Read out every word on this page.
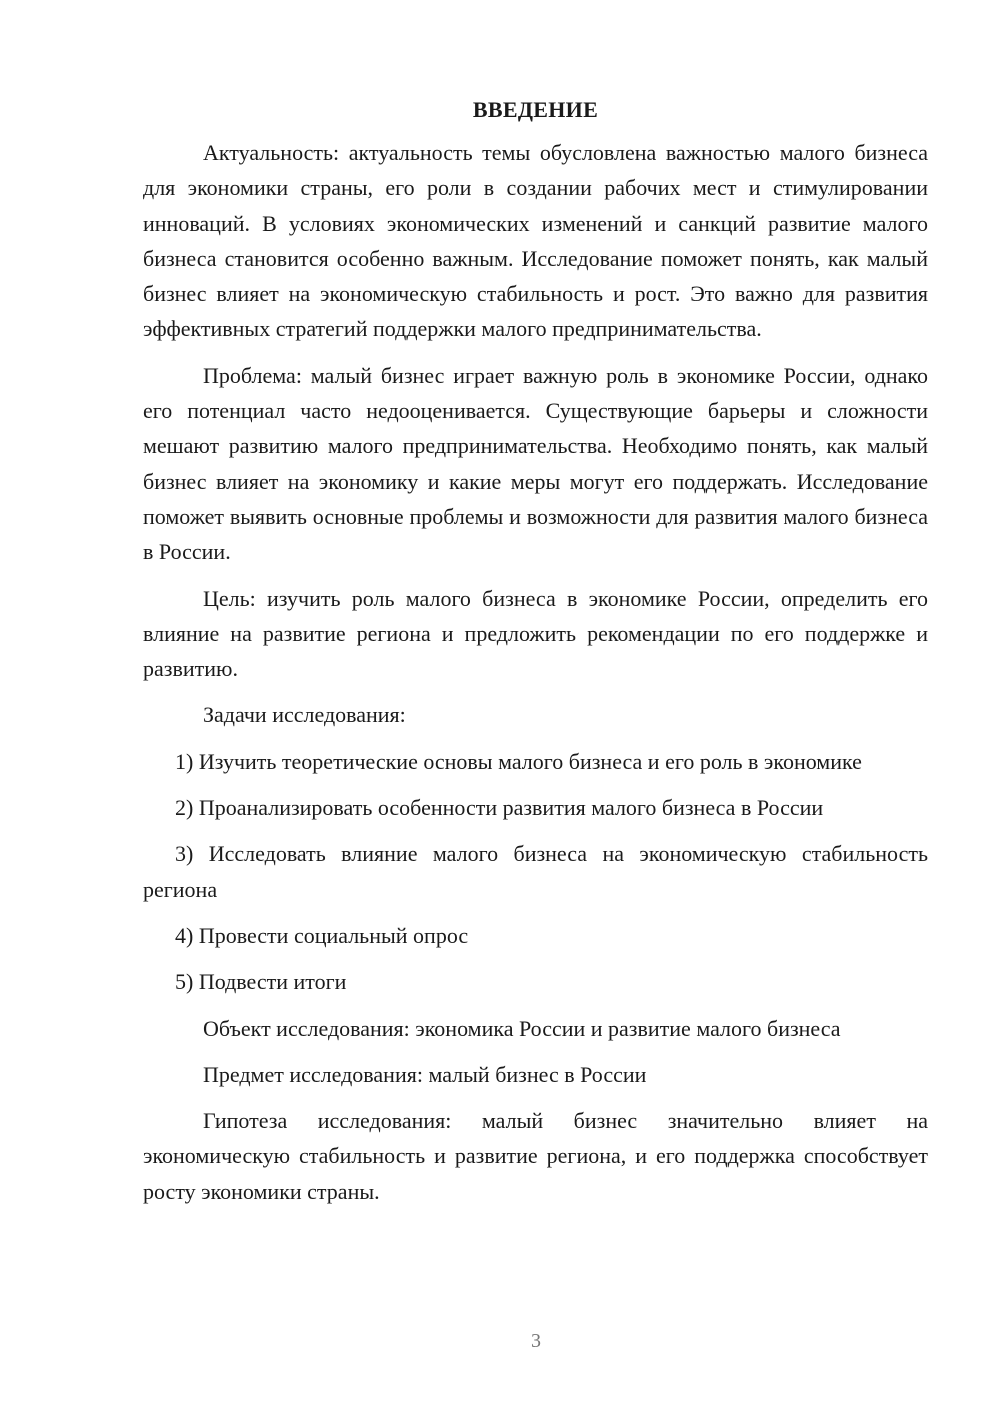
ВВЕДЕНИЕ

Актуальность: актуальность темы обусловлена важностью малого бизнеса для экономики страны, его роли в создании рабочих мест и стимулировании инноваций. В условиях экономических изменений и санкций развитие малого бизнеса становится особенно важным. Исследование поможет понять, как малый бизнес влияет на экономическую стабильность и рост. Это важно для развития эффективных стратегий поддержки малого предпринимательства.

Проблема: малый бизнес играет важную роль в экономике России, однако его потенциал часто недооценивается. Существующие барьеры и сложности мешают развитию малого предпринимательства. Необходимо понять, как малый бизнес влияет на экономику и какие меры могут его поддержать. Исследование поможет выявить основные проблемы и возможности для развития малого бизнеса в России.

Цель: изучить роль малого бизнеса в экономике России, определить его влияние на развитие региона и предложить рекомендации по его поддержке и развитию.

Задачи исследования:

1) Изучить теоретические основы малого бизнеса и его роль в экономике

2) Проанализировать особенности развития малого бизнеса в России

3) Исследовать влияние малого бизнеса на экономическую стабильность региона

4) Провести социальный опрос

5) Подвести итоги

Объект исследования: экономика России и развитие малого бизнеса

Предмет исследования: малый бизнес в России

Гипотеза исследования: малый бизнес значительно влияет на экономическую стабильность и развитие региона, и его поддержка способствует росту экономики страны.

3
